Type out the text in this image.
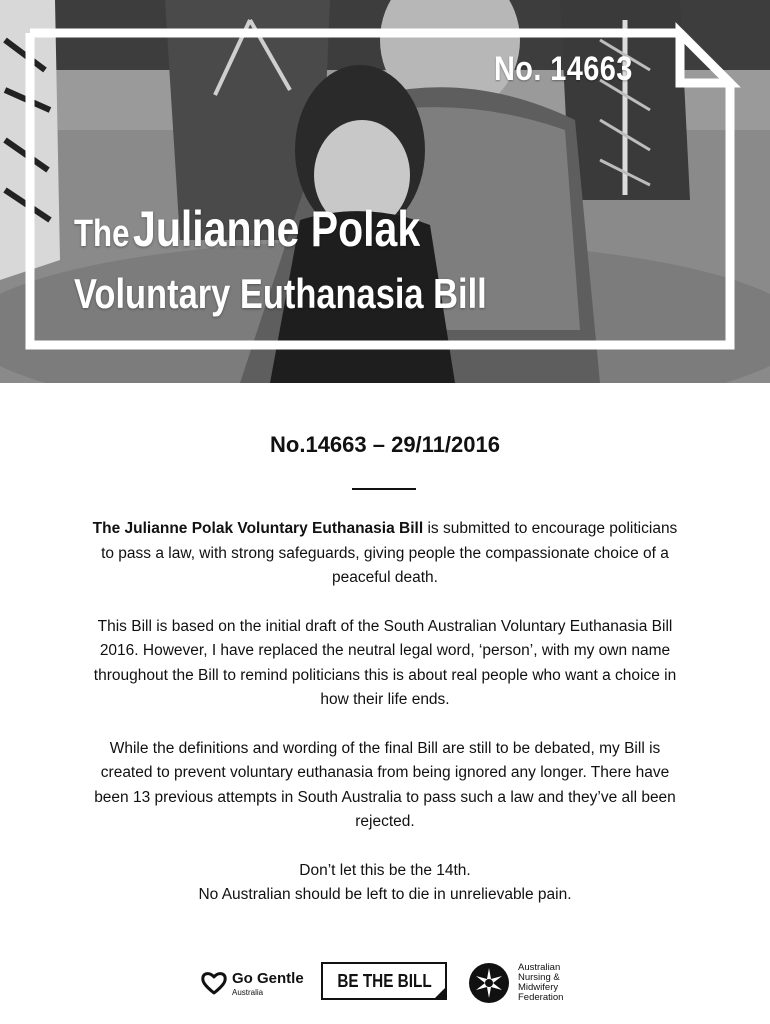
No. 14663
The Julianne Polak
Voluntary Euthanasia Bill
No.14663 – 29/11/2016

The Julianne Polak Voluntary Euthanasia Bill is submitted to encourage politicians to pass a law, with strong safeguards, giving people the compassionate choice of a peaceful death.

This Bill is based on the initial draft of the South Australian Voluntary Euthanasia Bill 2016. However, I have replaced the neutral legal word, ‘person’, with my own name throughout the Bill to remind politicians this is about real people who want a choice in how their life ends.

While the definitions and wording of the final Bill are still to be debated, my Bill is created to prevent voluntary euthanasia from being ignored any longer. There have been 13 previous attempts in South Australia to pass such a law and they’ve all been rejected.

Don’t let this be the 14th.
No Australian should be left to die in unrelievable pain.

Go Gentle
Australia
BE THE BILL
Australian
Nursing &
Midwifery
Federation
